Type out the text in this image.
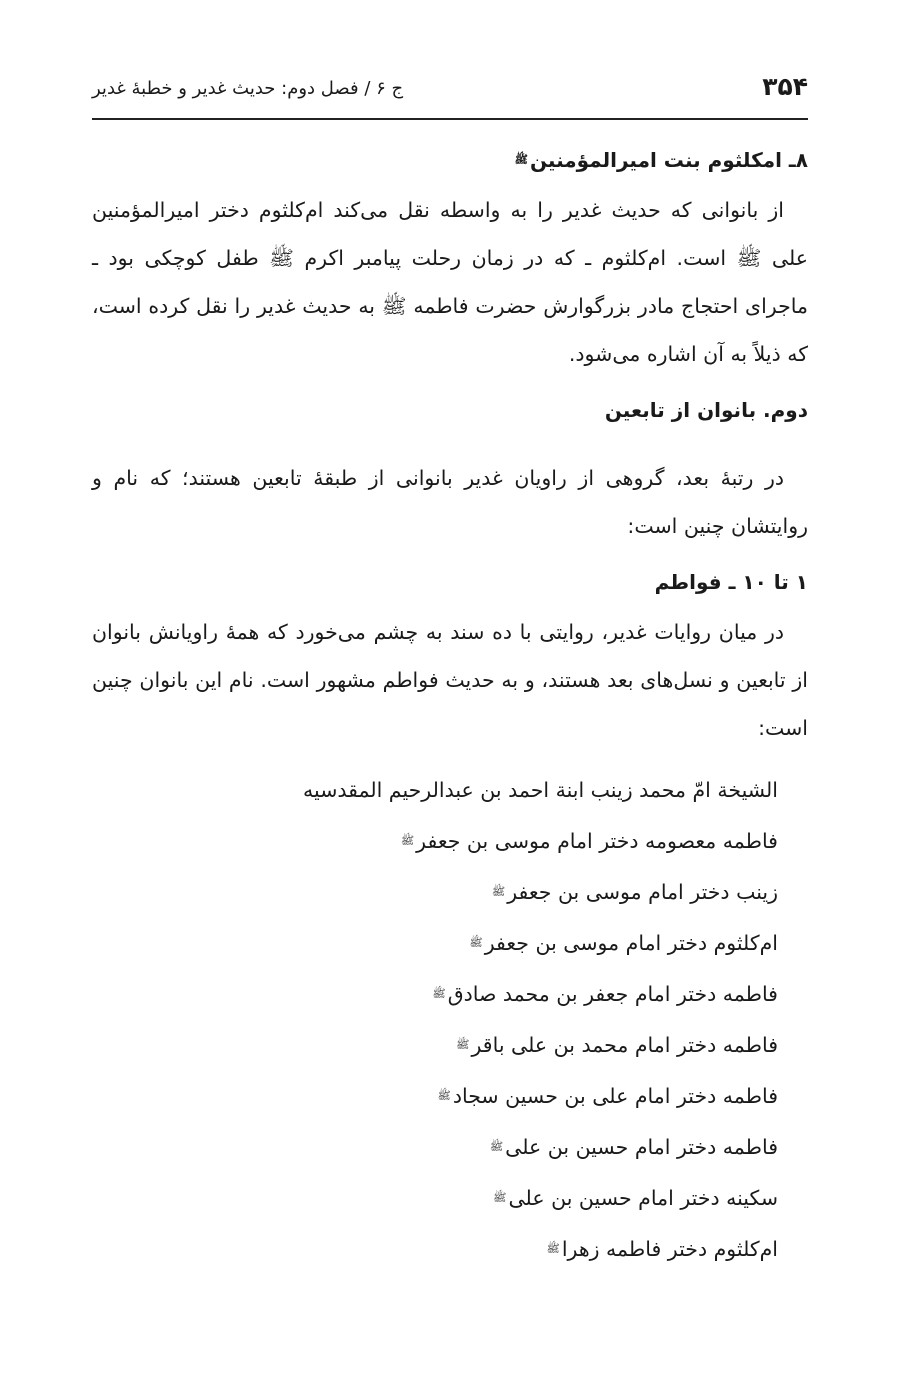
۳۵۴
ج ۶ / فصل دوم: حدیث غدیر و خطبۀ غدیر
۸ـ امکلثوم بنت امیرالمؤمنین$^ﷺ$

از بانوانی که حدیث غدیر را به واسطه نقل می‌کند ام‌کلثوم دختر امیرالمؤمنین علی ﷺ است. ام‌کلثوم ـ که در زمان رحلت پیامبر اکرم ﷺ طفل کوچکی بود ـ ماجرای احتجاج مادر بزرگوارش حضرت فاطمه ﷺ به حدیث غدیر را نقل کرده است، که ذیلاً به آن اشاره می‌شود.

دوم. بانوان از تابعین

در رتبۀ بعد، گروهی از راویان غدیر بانوانی از طبقۀ تابعین هستند؛ که نام و روایتشان چنین است:

۱ تا ۱۰ ـ فواطم

در میان روایات غدیر، روایتی با ده سند به چشم می‌خورد که همۀ راویانش بانوان از تابعین و نسل‌های بعد هستند، و به حدیث فواطم مشهور است. نام این بانوان چنین است:

الشیخة امّ محمد زینب ابنة احمد بن عبدالرحیم المقدسیه
فاطمه معصومه دختر امام موسی بن جعفرﷺ
زینب دختر امام موسی بن جعفرﷺ
ام‌کلثوم دختر امام موسی بن جعفرﷺ
فاطمه دختر امام جعفر بن محمد صادقﷺ
فاطمه دختر امام محمد بن علی باقرﷺ
فاطمه دختر امام علی بن حسین سجادﷺ
فاطمه دختر امام حسین بن علیﷺ
سکینه دختر امام حسین بن علیﷺ
ام‌کلثوم دختر فاطمه زهراﷺ
